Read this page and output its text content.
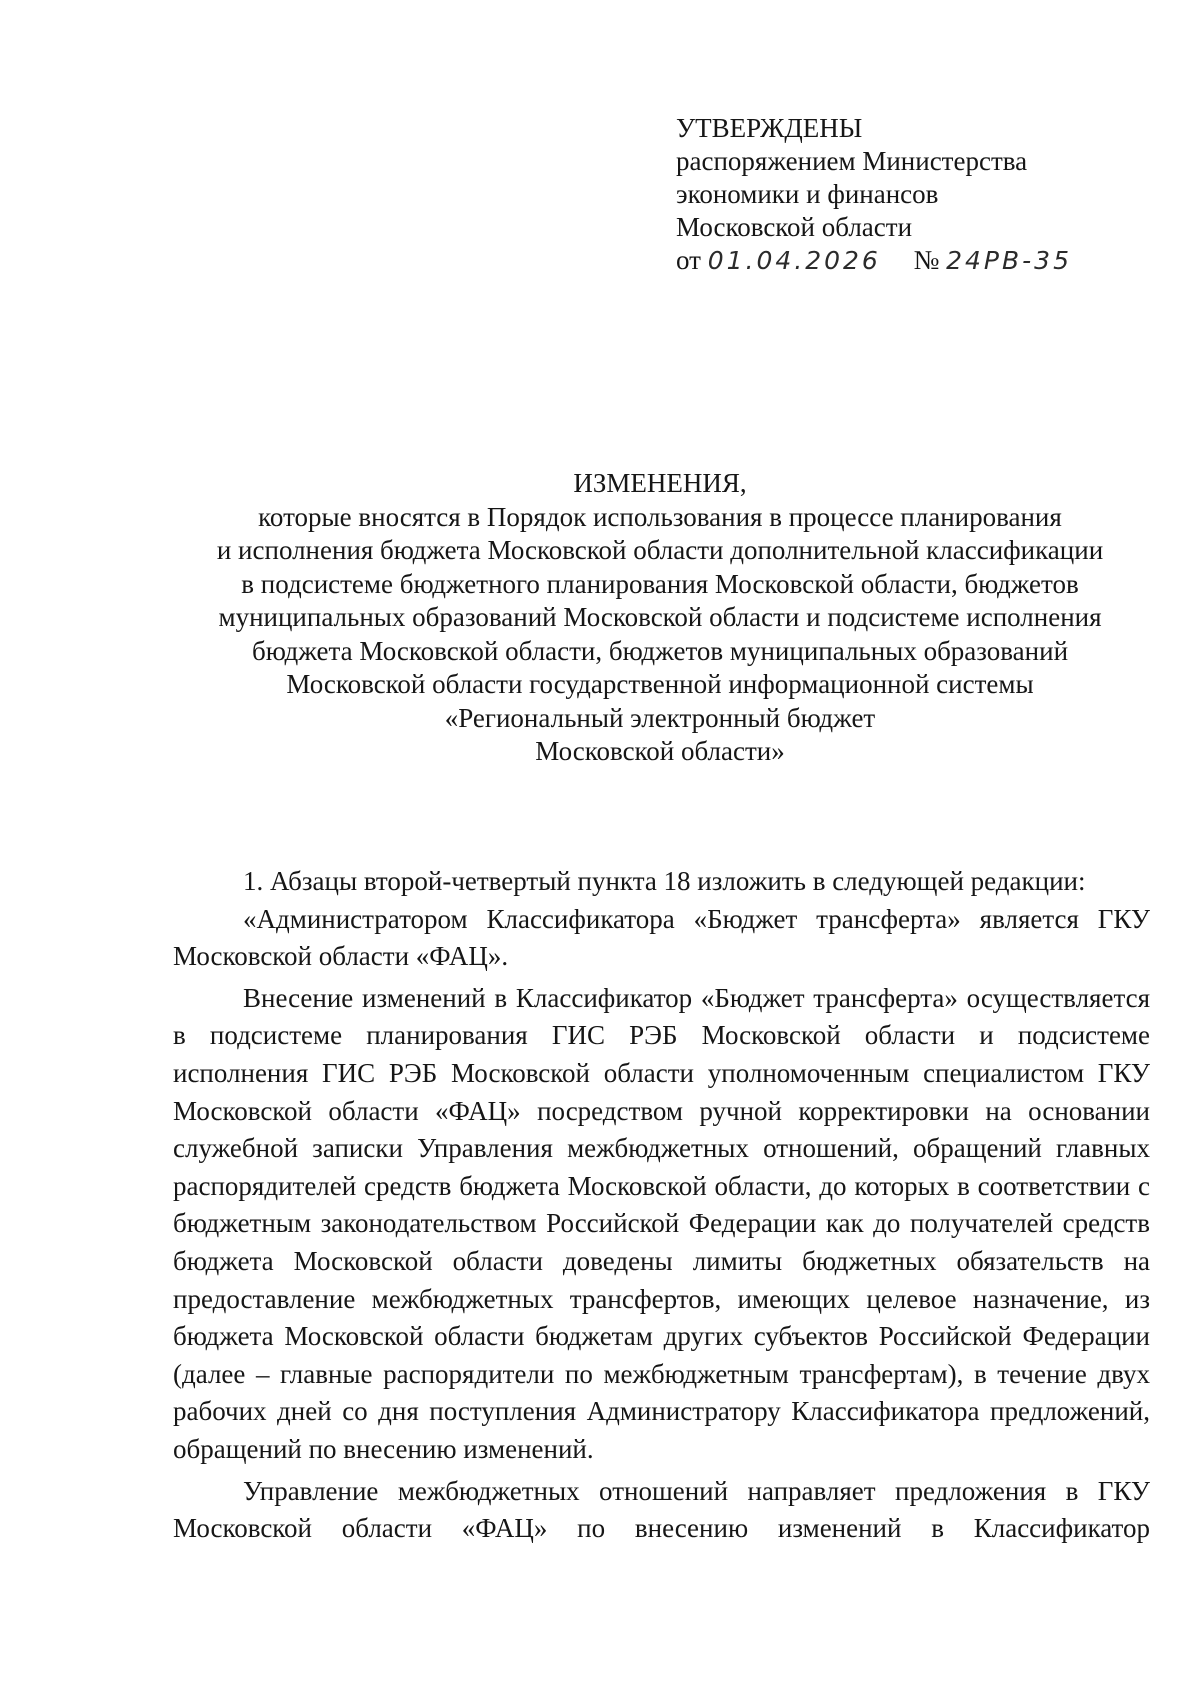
УТВЕРЖДЕНЫ
распоряжением Министерства
экономики и финансов
Московской области
от 01.04.2026 № 24РВ-35
ИЗМЕНЕНИЯ,
которые вносятся в Порядок использования в процессе планирования
и исполнения бюджета Московской области дополнительной классификации
в подсистеме бюджетного планирования Московской области, бюджетов
муниципальных образований Московской области и подсистеме исполнения
бюджета Московской области, бюджетов муниципальных образований
Московской области государственной информационной системы
«Региональный электронный бюджет
Московской области»

1. Абзацы второй-четвертый пункта 18 изложить в следующей редакции:

«Администратором Классификатора «Бюджет трансферта» является ГКУ Московской области «ФАЦ».

Внесение изменений в Классификатор «Бюджет трансферта» осуществляется в подсистеме планирования ГИС РЭБ Московской области и подсистеме исполнения ГИС РЭБ Московской области уполномоченным специалистом ГКУ Московской области «ФАЦ» посредством ручной корректировки на основании служебной записки Управления межбюджетных отношений, обращений главных распорядителей средств бюджета Московской области, до которых в соответствии с бюджетным законодательством Российской Федерации как до получателей средств бюджета Московской области доведены лимиты бюджетных обязательств на предоставление межбюджетных трансфертов, имеющих целевое назначение, из бюджета Московской области бюджетам других субъектов Российской Федерации (далее – главные распорядители по межбюджетным трансфертам), в течение двух рабочих дней со дня поступления Администратору Классификатора предложений, обращений по внесению изменений.

Управление межбюджетных отношений направляет предложения в ГКУ Московской области «ФАЦ» по внесению изменений в Классификатор
